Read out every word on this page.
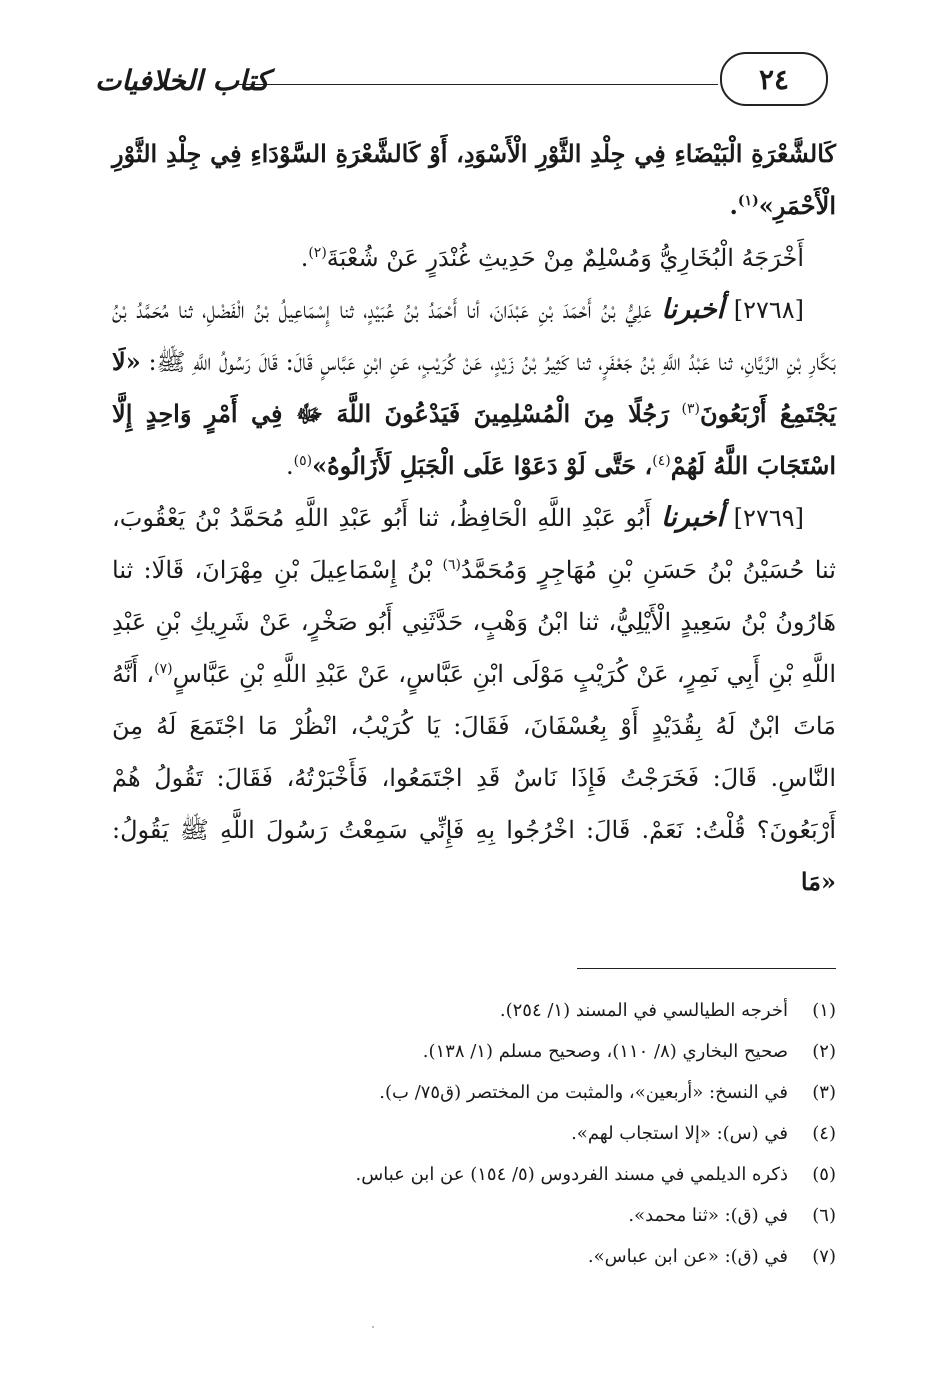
٢٤
كتاب الخلافيات

كَالشَّعْرَةِ الْبَيْضَاءِ فِي جِلْدِ الثَّوْرِ الْأَسْوَدِ، أَوْ كَالشَّعْرَةِ السَّوْدَاءِ فِي جِلْدِ الثَّوْرِ الْأَحْمَرِ»$^{(١)}$.

أَخْرَجَهُ الْبُخَارِيُّ وَمُسْلِمٌ مِنْ حَدِيثِ غُنْدَرٍ عَنْ شُعْبَةَ$^{(٢)}$.

[٢٧٦٨] أخبرنا عَلِيُّ بْنُ أَحْمَدَ بْنِ عَبْدَانَ، أنا أَحْمَدُ بْنُ عُبَيْدٍ، ثنا إِسْمَاعِيلُ بْنُ الْفَضْلِ، ثنا مُحَمَّدُ بْنُ بَكَّارِ بْنِ الرَّيَّانِ، ثنا عَبْدُ اللَّهِ بْنُ جَعْفَرٍ، ثنا كَثِيرُ بْنُ زَيْدٍ، عَنْ كُرَيْبٍ، عَنِ ابْنِ عَبَّاسٍ قَالَ: قَالَ رَسُولُ اللَّهِ ﷺ: «لَا يَجْتَمِعُ أَرْبَعُونَ$^{(٣)}$ رَجُلًا مِنَ الْمُسْلِمِينَ فَيَدْعُونَ اللَّهَ ﷻ فِي أَمْرٍ وَاحِدٍ إِلَّا اسْتَجَابَ اللَّهُ لَهُمْ$^{(٤)}$، حَتَّى لَوْ دَعَوْا عَلَى الْجَبَلِ لَأَزَالُوهُ»$^{(٥)}$.

[٢٧٦٩] أخبرنا أَبُو عَبْدِ اللَّهِ الْحَافِظُ، ثنا أَبُو عَبْدِ اللَّهِ مُحَمَّدُ بْنُ يَعْقُوبَ، ثنا حُسَيْنُ بْنُ حَسَنِ بْنِ مُهَاجِرٍ وَمُحَمَّدُ$^{(٦)}$ بْنُ إِسْمَاعِيلَ بْنِ مِهْرَانَ، قَالَا: ثنا هَارُونُ بْنُ سَعِيدٍ الْأَيْلِيُّ، ثنا ابْنُ وَهْبٍ، حَدَّثَنِي أَبُو صَخْرٍ، عَنْ شَرِيكِ بْنِ عَبْدِ اللَّهِ بْنِ أَبِي نَمِرٍ، عَنْ كُرَيْبٍ مَوْلَى ابْنِ عَبَّاسٍ، عَنْ عَبْدِ اللَّهِ بْنِ عَبَّاسٍ$^{(٧)}$، أَنَّهُ مَاتَ ابْنٌ لَهُ بِقُدَيْدٍ أَوْ بِعُسْفَانَ، فَقَالَ: يَا كُرَيْبُ، انْظُرْ مَا اجْتَمَعَ لَهُ مِنَ النَّاسِ. قَالَ: فَخَرَجْتُ فَإِذَا نَاسٌ قَدِ اجْتَمَعُوا، فَأَخْبَرْتُهُ، فَقَالَ: تَقُولُ هُمْ أَرْبَعُونَ؟ قُلْتُ: نَعَمْ. قَالَ: اخْرُجُوا بِهِ فَإِنِّي سَمِعْتُ رَسُولَ اللَّهِ ﷺ يَقُولُ: «مَا

(١)أخرجه الطيالسي في المسند (١/ ٢٥٤).
(٢)صحيح البخاري (٨/ ١١٠)، وصحيح مسلم (١/ ١٣٨).
(٣)في النسخ: «أربعين»، والمثبت من المختصر (ق٧٥/ ب).
(٤)في (س): «إلا استجاب لهم».
(٥)ذكره الديلمي في مسند الفردوس (٥/ ١٥٤) عن ابن عباس.
(٦)في (ق): «ثنا محمد».
(٧)في (ق): «عن ابن عباس».
